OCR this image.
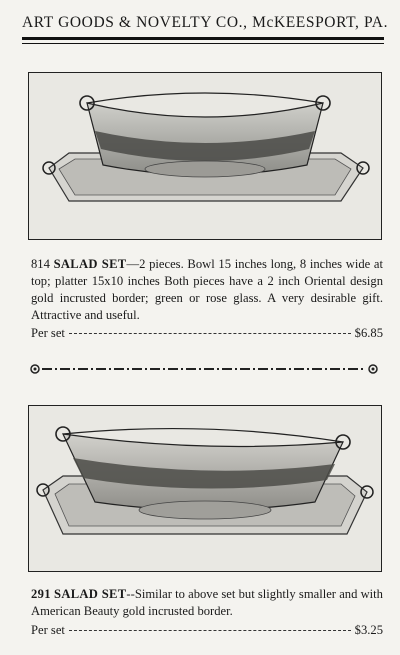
ART GOODS & NOVELTY CO., McKEESPORT, PA.
814 SALAD SET—2 pieces. Bowl 15 inches long, 8 inches wide at top; platter 15x10 inches Both pieces have a 2 inch Oriental design gold incrusted border; green or rose glass. A very desirable gift. Attractive and useful.
Per set	$6.85
291 SALAD SET--Similar to above set but slightly smaller and with American Beauty gold incrusted border.
Per set	$3.25
